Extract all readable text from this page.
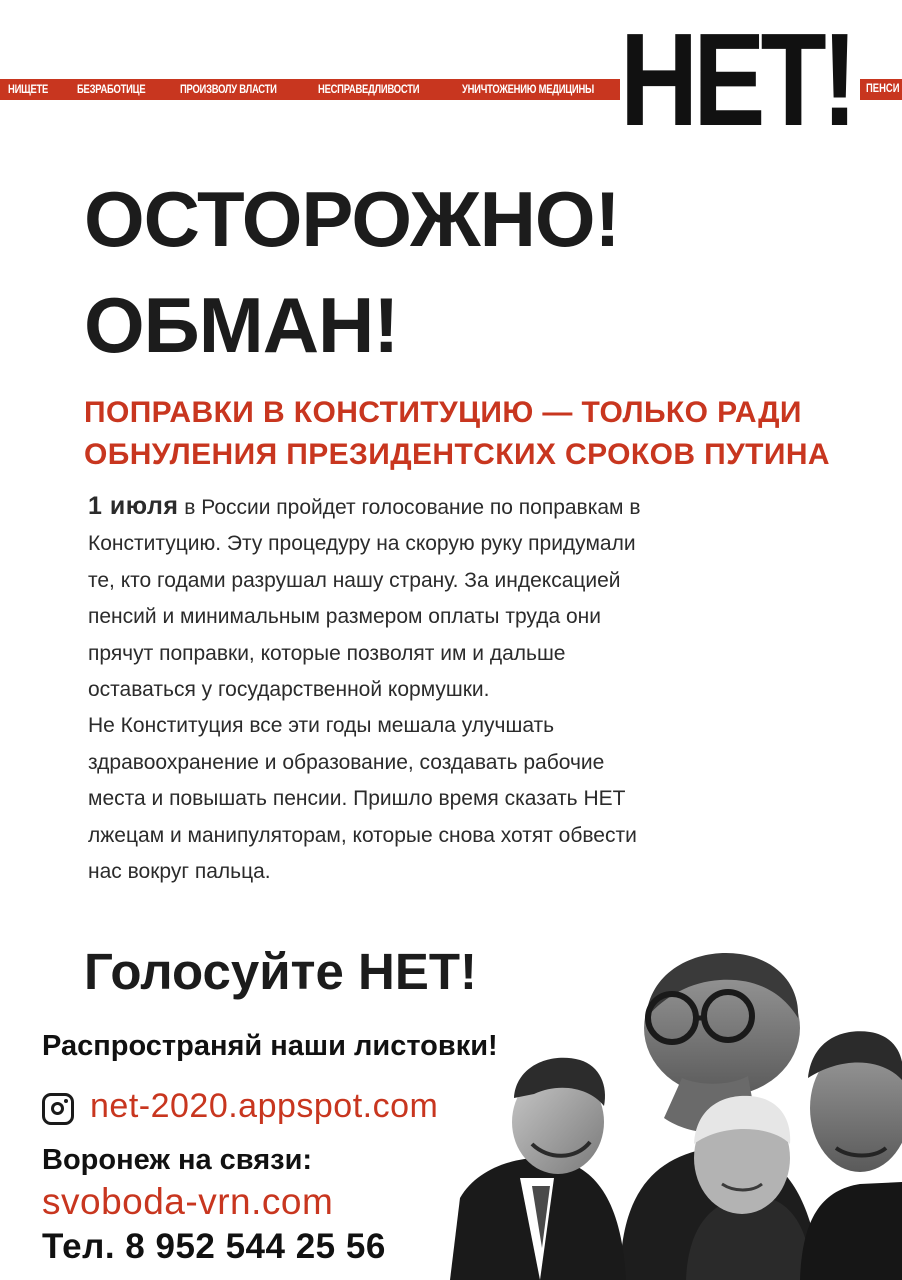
НИЩЕТЕ	БЕЗРАБОТИЦЕ	ПРОИЗВОЛУ ВЛАСТИ	НЕСПРАВЕДЛИВОСТИ	УНИЧТОЖЕНИЮ МЕДИЦИНЫ	ПЕНСИ
НЕТ!
ОСТОРОЖНО!
ОБМАН!
ПОПРАВКИ В КОНСТИТУЦИЮ — ТОЛЬКО РАДИ
ОБНУЛЕНИЯ ПРЕЗИДЕНТСКИХ СРОКОВ ПУТИНА

1 июля в России пройдет голосование по поправкам в Конституцию. Эту процедуру на скорую руку придумали те, кто годами разрушал нашу страну. За индексацией пенсий и минимальным размером оплаты труда они прячут поправки, которые позволят им и дальше оставаться у государственной кормушки.

Не Конституция все эти годы мешала улучшать здравоохранение и образование, создавать рабочие места и повышать пенсии. Пришло время сказать НЕТ лжецам и манипуляторам, которые снова хотят обвести нас вокруг пальца.

Голосуйте НЕТ!
Распространяй наши листовки!
net-2020.appspot.com
Воронеж на связи:
svoboda-vrn.com
Тел. 8 952 544 25 56
